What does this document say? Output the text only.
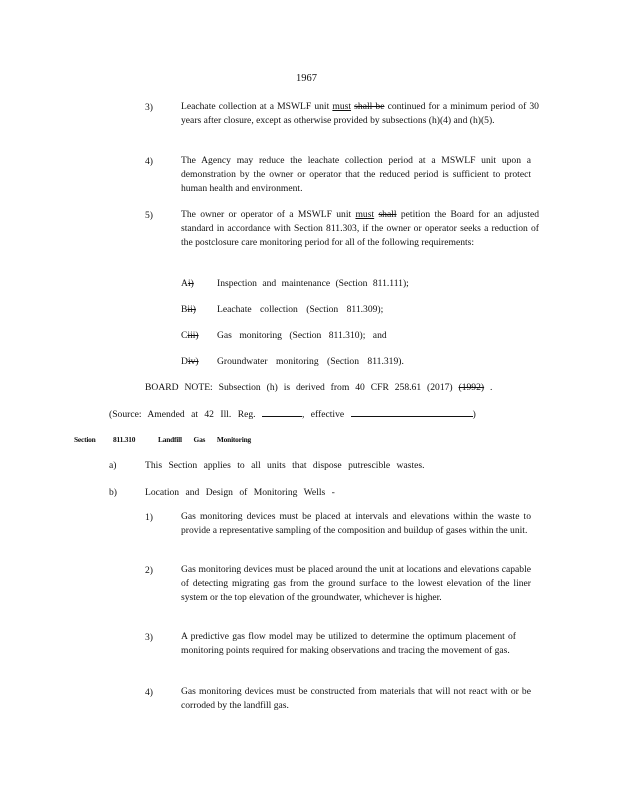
1967
3)	Leachate collection at a MSWLF unit must shall be continued for a minimum period of 30 years after closure, except as otherwise provided by subsections (h)(4) and (h)(5).
4)	The Agency may reduce the leachate collection period at a MSWLF unit upon a demonstration by the owner or operator that the reduced period is sufficient to protect human health and environment.
5)	The owner or operator of a MSWLF unit must shall petition the Board for an adjusted standard in accordance with Section 811.303, if the owner or operator seeks a reduction of the postclosure care monitoring period for all of the following requirements:
Ai) Inspection and maintenance (Section 811.111);
Bii) Leachate collection (Section 811.309);
Ciii) Gas monitoring (Section 811.310); and
Div) Groundwater monitoring (Section 811.319).
BOARD NOTE: Subsection (h) is derived from 40 CFR 258.61 (2017) (1992) .
(Source: Amended at 42 Ill. Reg.	, effective	)
Section 811.310	Landfill Gas Monitoring
a)	This Section applies to all units that dispose putrescible wastes.
b)	Location and Design of Monitoring Wells -
1)	Gas monitoring devices must be placed at intervals and elevations within the waste to provide a representative sampling of the composition and buildup of gases within the unit.
2)	Gas monitoring devices must be placed around the unit at locations and elevations capable of detecting migrating gas from the ground surface to the lowest elevation of the liner system or the top elevation of the groundwater, whichever is higher.
3)	A predictive gas flow model may be utilized to determine the optimum placement of monitoring points required for making observations and tracing the movement of gas.
4)	Gas monitoring devices must be constructed from materials that will not react with or be corroded by the landfill gas.
